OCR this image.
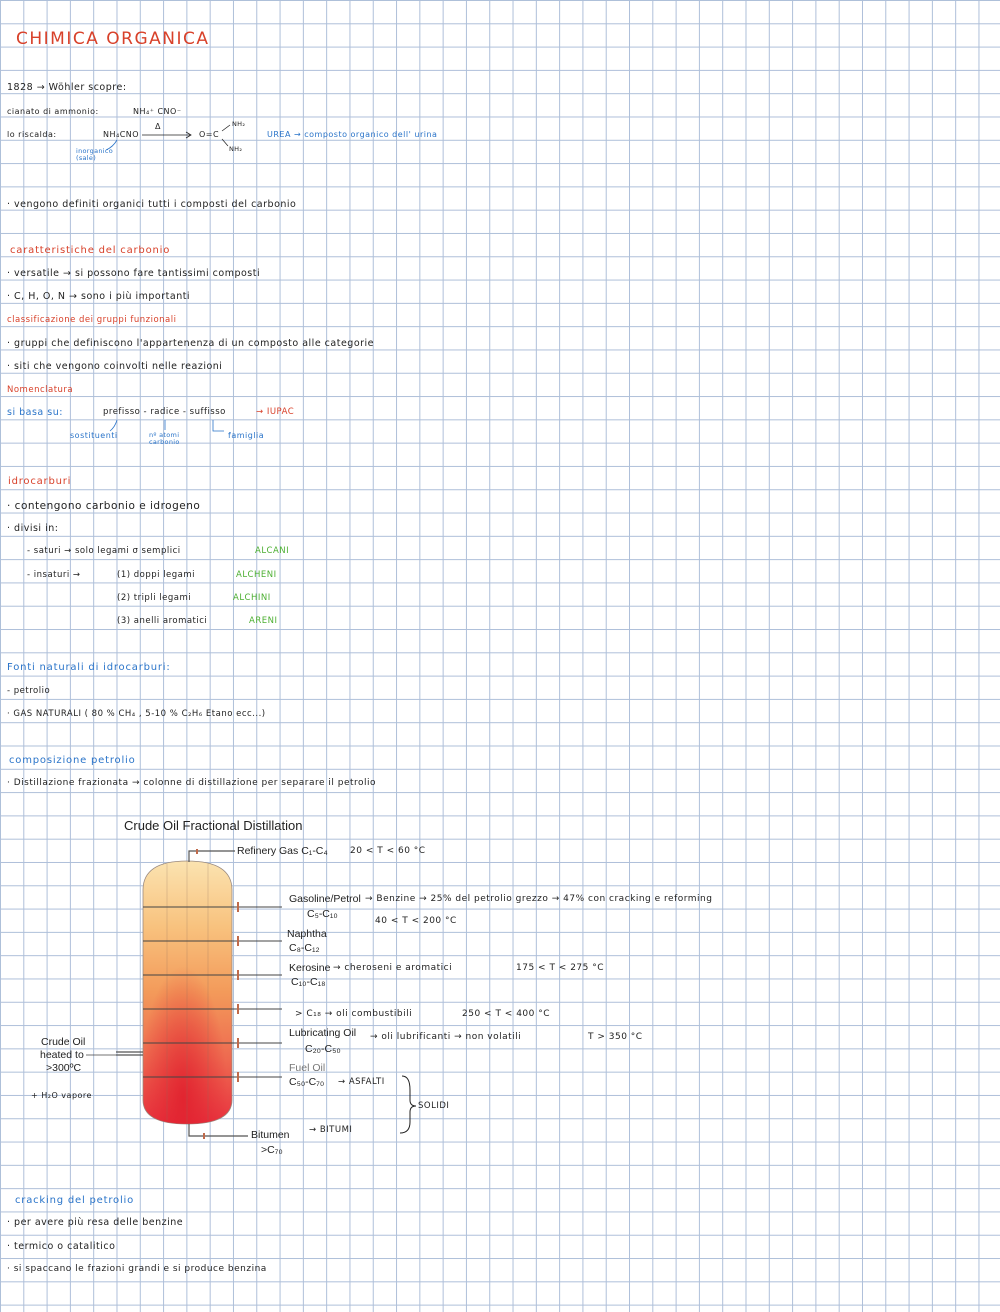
CHIMICA ORGANICA
1828 → Wöhler scopre:
cianato di ammonio:	NH₄⁺ CNO⁻
lo riscalda:	NH₄CNO
inorganico (sale)
Δ
O=C
NH₂
NH₂
UREA → composto organico dell' urina
· vengono definiti organici tutti i composti del carbonio
caratteristiche del carbonio
· versatile → si possono fare tantissimi composti
· C, H, O, N → sono i più importanti
classificazione dei gruppi funzionali
· gruppi che definiscono l'appartenenza di un composto alle categorie
· siti che vengono coinvolti nelle reazioni
Nomenclatura
si basa su:	prefisso - radice - suffisso	→ IUPAC
sostituenti	nº atomi carbonio
famiglia
idrocarburi
· contengono carbonio e idrogeno
· divisi in:
- saturi → solo legami σ semplici	ALCANI
- insaturi →	(1) doppi legami	ALCHENI
(2) tripli legami	ALCHINI
(3) anelli aromatici	ARENI
Fonti naturali di idrocarburi:
- petrolio
· GAS NATURALI ( 80 % CH₄ , 5-10 % C₂H₆ Etano ecc...)
composizione petrolio
· Distillazione frazionata → colonne di distillazione per separare il petrolio
Crude Oil Fractional Distillation
Crude Oil
heated to
>300ºC
+ H₂O vapore
Refinery Gas C₁-C₄ 20 < T < 60 °C
Gasoline/Petrol
C₅-C₁₀
→ Benzine → 25% del petrolio grezzo → 47% con cracking e reforming
40 < T < 200 °C
Naphtha
C₈-C₁₂
Kerosine
C₁₀-C₁₈
→ cheroseni e aromatici	175 < T < 275 °C
> C₁₈ → oli combustibili	250 < T < 400 °C
Lubricating Oil
C₂₀-C₅₀
→ oli lubrificanti → non volatili	T > 350 °C
Fuel Oil
C₅₀-C₇₀ → ASFALTI
Bitumen
>C₇₀
→ BITUMI
SOLIDI
cracking del petrolio
· per avere più resa delle benzine
· termico o catalitico
· si spaccano le frazioni grandi e si produce benzina
